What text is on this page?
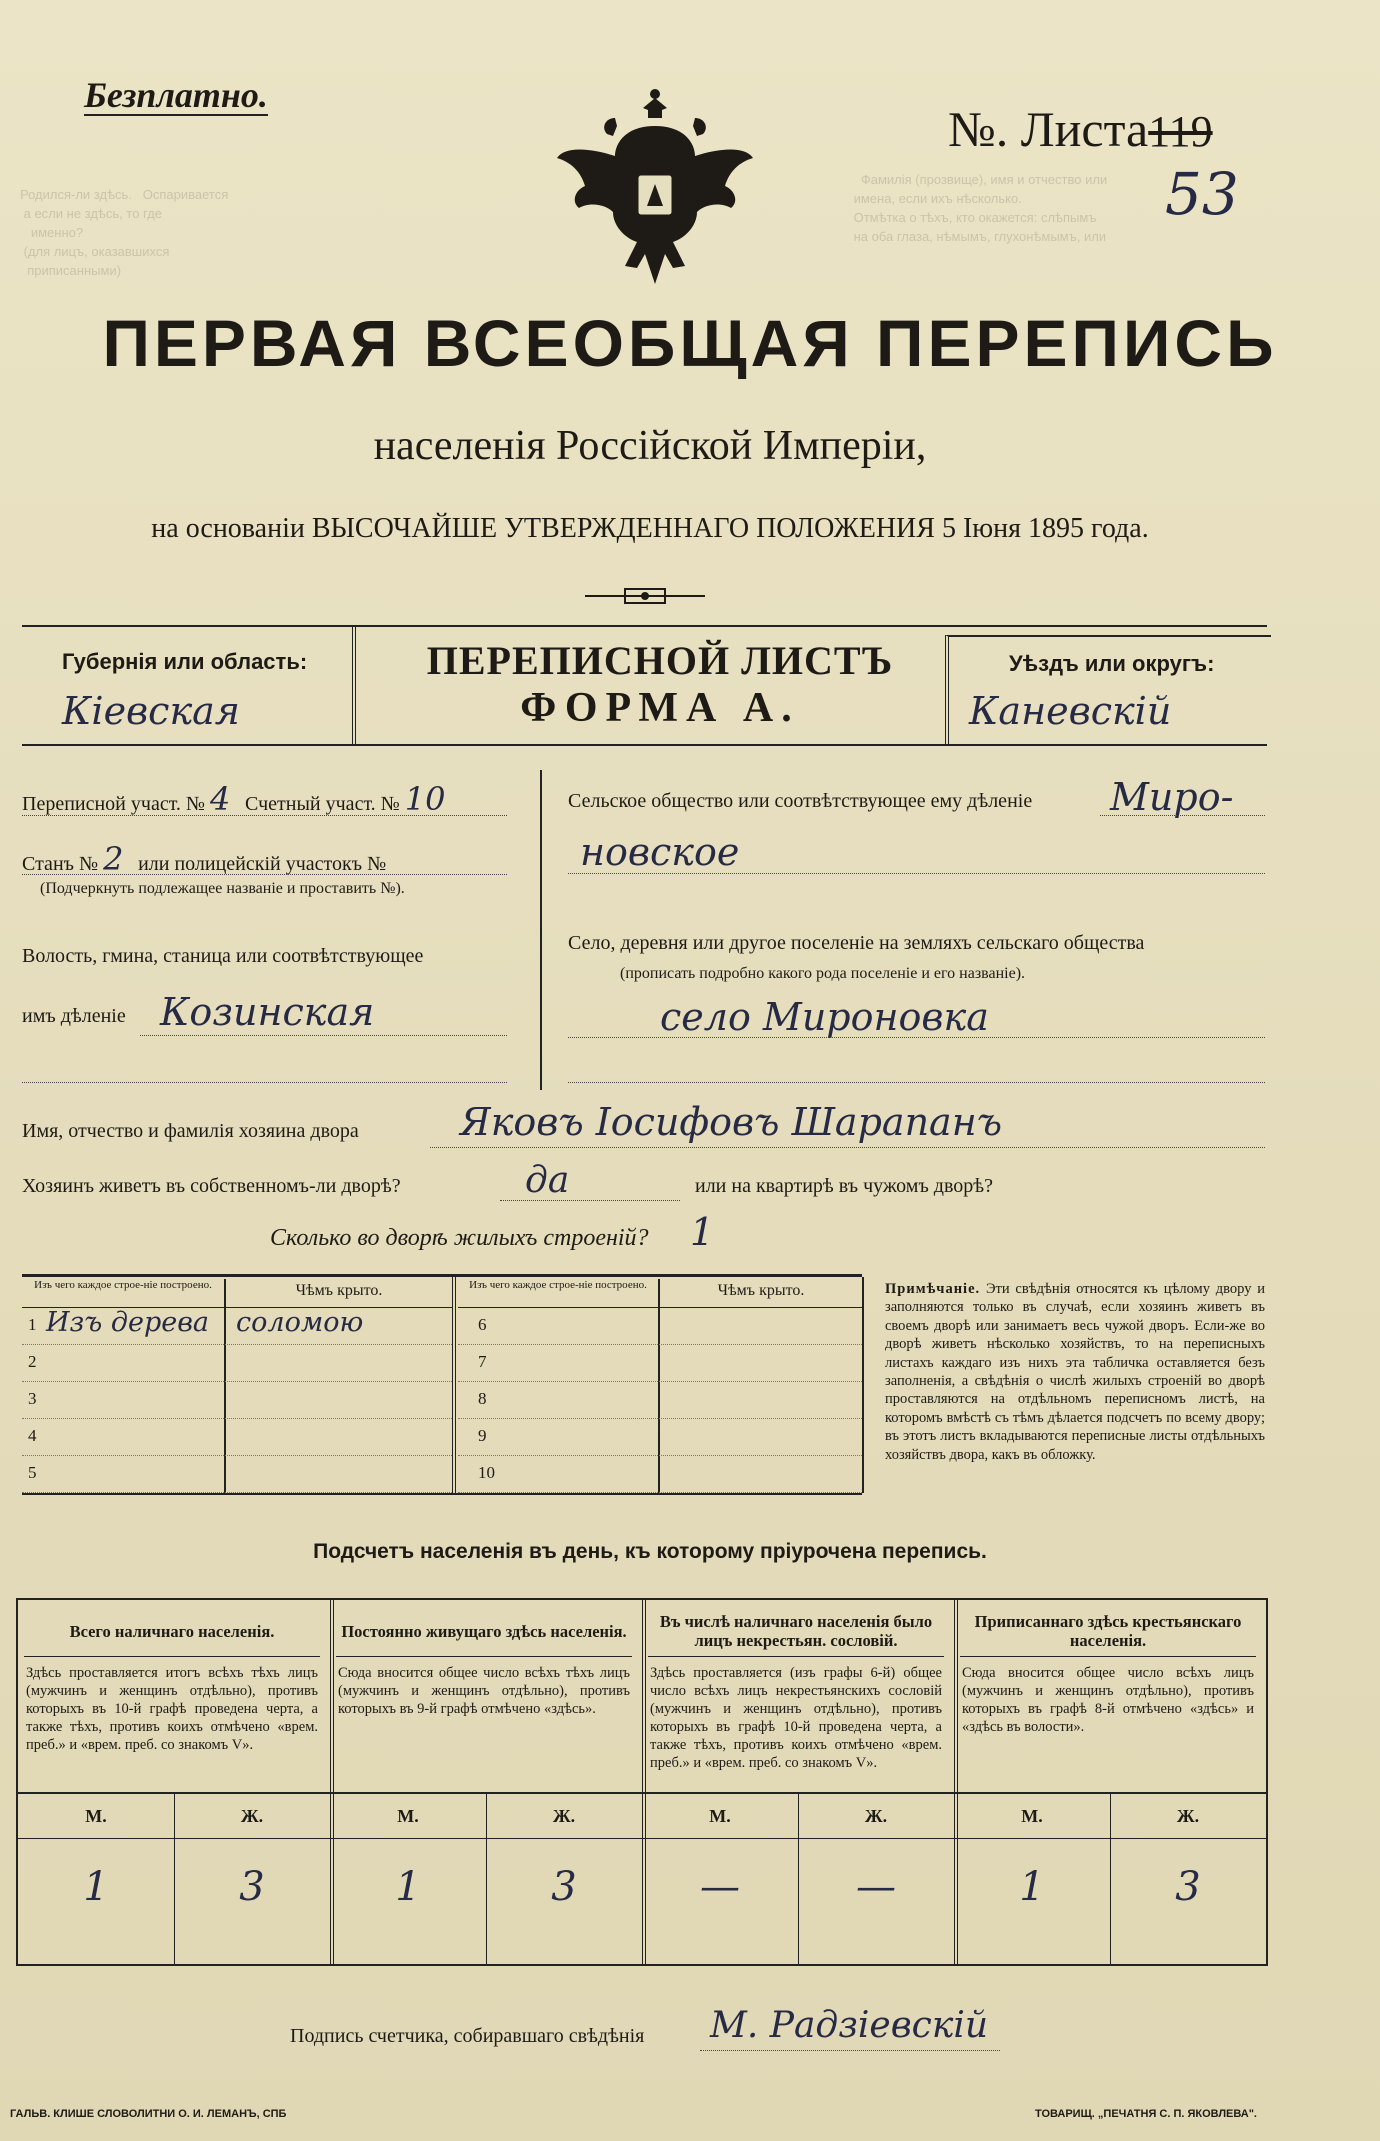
Родился-ли здѣсь.   Оспаривается
а если не здѣсь, то где
именно?
(для лицъ, оказавшихся
приписанными)
Фамилія (прозвище), имя и отчество или
имена, если ихъ нѣсколько.
Отмѣтка о тѣхъ, кто окажется: слѣпымъ
на оба глаза, нѣмымъ, глухонѣмымъ, или
Безплатно.
№. Листа119
53
ПЕРВАЯ ВСЕОБЩАЯ ПЕРЕПИСЬ
населенія Россійской Имперіи,
на основаніи ВЫСОЧАЙШЕ УТВЕРЖДЕННАГО ПОЛОЖЕНИЯ 5 Іюня 1895 года.
Губернія или область:
Кіевская
ПЕРЕПИСНОЙ ЛИСТЪ
ФОРМА А.
Уѣздъ или округъ:
Каневскій
Переписной участ. № 4 Счетный участ. № 10
Станъ № 2 или полицейскій участокъ №
(Подчеркнуть подлежащее названіе и проставить №).
Волость, гмина, станица или соотвѣтствующее
имъ дѣленіе Козинская
Сельское общество или соотвѣтствующее ему дѣленіе Миро-
новское
Село, деревня или другое поселеніе на земляхъ сельскаго общества
(прописать подробно какого рода поселеніе и его названіе).
село Мироновка
Имя, отчество и фамилія хозяина двора	Яковъ Іосифовъ Шарапанъ
Хозяинъ живетъ въ собственномъ-ли дворѣ?	да	или на квартирѣ въ чужомъ дворѣ?
Сколько во дворѣ жилыхъ строеній? 1
Изъ чего каждое строе-ніе построено.	Чѣмъ крыто.
1 Изъ дерева соломою
2
3
4
5
Изъ чего каждое строе-ніе построено.	Чѣмъ крыто.
6
7
8
9
10
Примѣчаніе. Эти свѣдѣнія относятся къ цѣлому двору и заполняются только въ случаѣ, если хозяинъ живетъ въ своемъ дворѣ или занимаетъ весь чужой дворъ. Если-же во дворѣ живетъ нѣсколько хозяйствъ, то на переписныхъ листахъ каждаго изъ нихъ эта табличка оставляется безъ заполненія, а свѣдѣнія о числѣ жилыхъ строеній во дворѣ проставляются на отдѣльномъ переписномъ листѣ, на которомъ вмѣстѣ съ тѣмъ дѣлается подсчетъ по всему двору; въ этотъ листъ вкладываются переписные листы отдѣльныхъ хозяйствъ двора, какъ въ обложку.
Подсчетъ населенія въ день, къ которому пріурочена перепись.
Всего наличнаго населенія.
Здѣсь проставляется итогъ всѣхъ тѣхъ лицъ (мужчинъ и женщинъ отдѣльно), противъ которыхъ въ 10-й графѣ проведена черта, а также тѣхъ, противъ коихъ отмѣчено «врем. преб.» и «врем. преб. со знакомъ V».
М.
1
Ж.
3
Постоянно живущаго здѣсь населенія.
Сюда вносится общее число всѣхъ тѣхъ лицъ (мужчинъ и женщинъ отдѣльно), противъ которыхъ въ 9-й графѣ отмѣчено «здѣсь».
М.
1
Ж.
3
Въ числѣ наличнаго населенія было лицъ некрестьян. сословій.
Здѣсь проставляется (изъ графы 6-й) общее число всѣхъ лицъ некрестьянскихъ сословій (мужчинъ и женщинъ отдѣльно), противъ которыхъ въ графѣ 10-й проведена черта, а также тѣхъ, противъ коихъ отмѣчено «врем. преб.» и «врем. преб. со знакомъ V».
М.
—
Ж.
—
Приписаннаго здѣсь крестьянскаго населенія.
Сюда вносится общее число всѣхъ лицъ (мужчинъ и женщинъ отдѣльно), противъ которыхъ въ графѣ 8-й отмѣчено «здѣсь» и «здѣсь въ волости».
М.
1
Ж.
3
Подпись счетчика, собиравшаго свѣдѣнія М. Радзіевскій
ГАЛЬВ. КЛИШЕ СЛОВОЛИТНИ О. И. ЛЕМАНЪ, СПБ	ТОВАРИЩ. „ПЕЧАТНЯ С. П. ЯКОВЛЕВА".
